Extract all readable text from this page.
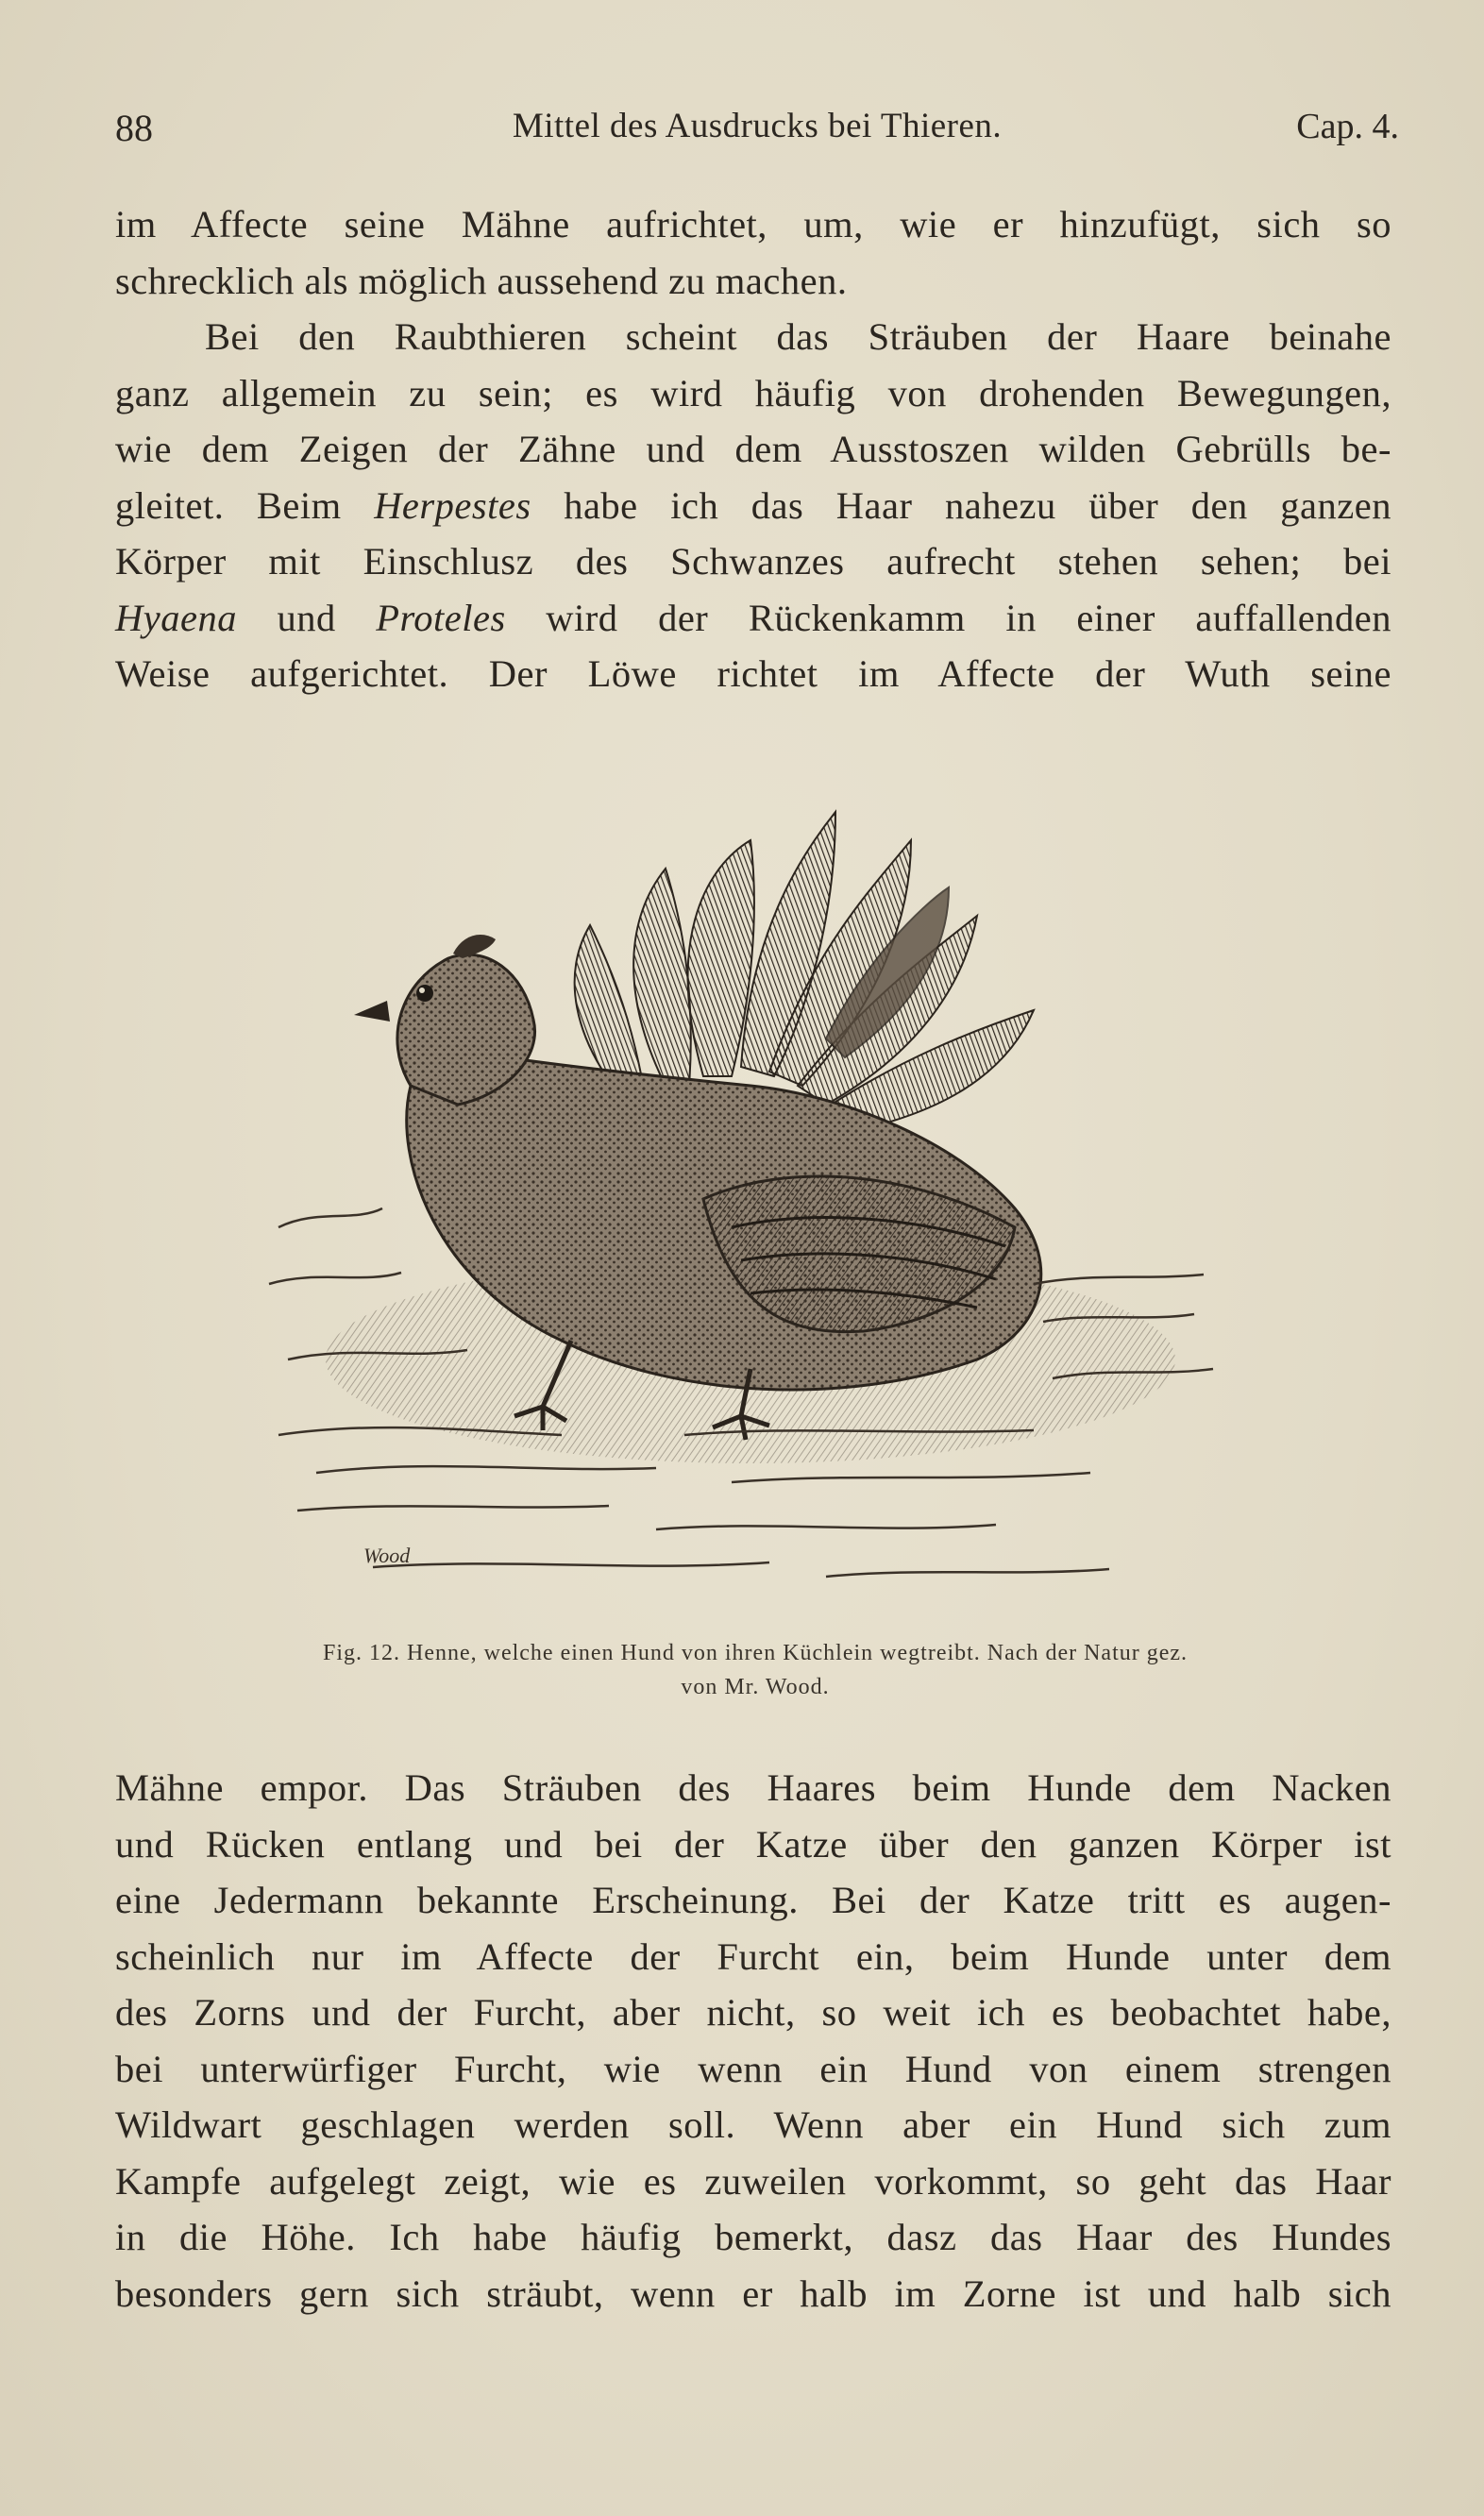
88	Mittel des Ausdrucks bei Thieren.	Cap. 4.
im Affecte seine Mähne aufrichtet, um, wie er hinzufügt, sich so
schrecklich als möglich aussehend zu machen.
Bei den Raubthieren scheint das Sträuben der Haare beinahe
ganz allgemein zu sein; es wird häufig von drohenden Bewegungen,
wie dem Zeigen der Zähne und dem Ausstoszen wilden Gebrülls be-
gleitet. Beim Herpestes habe ich das Haar nahezu über den ganzen
Körper mit Einschlusz des Schwanzes aufrecht stehen sehen; bei
Hyaena und Proteles wird der Rückenkamm in einer auffallenden
Weise aufgerichtet. Der Löwe richtet im Affecte der Wuth seine
Wood
Fig. 12. Henne, welche einen Hund von ihren Küchlein wegtreibt. Nach der Natur gez.
von Mr. Wood.
Mähne empor. Das Sträuben des Haares beim Hunde dem Nacken
und Rücken entlang und bei der Katze über den ganzen Körper ist
eine Jedermann bekannte Erscheinung. Bei der Katze tritt es augen-
scheinlich nur im Affecte der Furcht ein, beim Hunde unter dem
des Zorns und der Furcht, aber nicht, so weit ich es beobachtet habe,
bei unterwürfiger Furcht, wie wenn ein Hund von einem strengen
Wildwart geschlagen werden soll. Wenn aber ein Hund sich zum
Kampfe aufgelegt zeigt, wie es zuweilen vorkommt, so geht das Haar
in die Höhe. Ich habe häufig bemerkt, dasz das Haar des Hundes
besonders gern sich sträubt, wenn er halb im Zorne ist und halb sich
